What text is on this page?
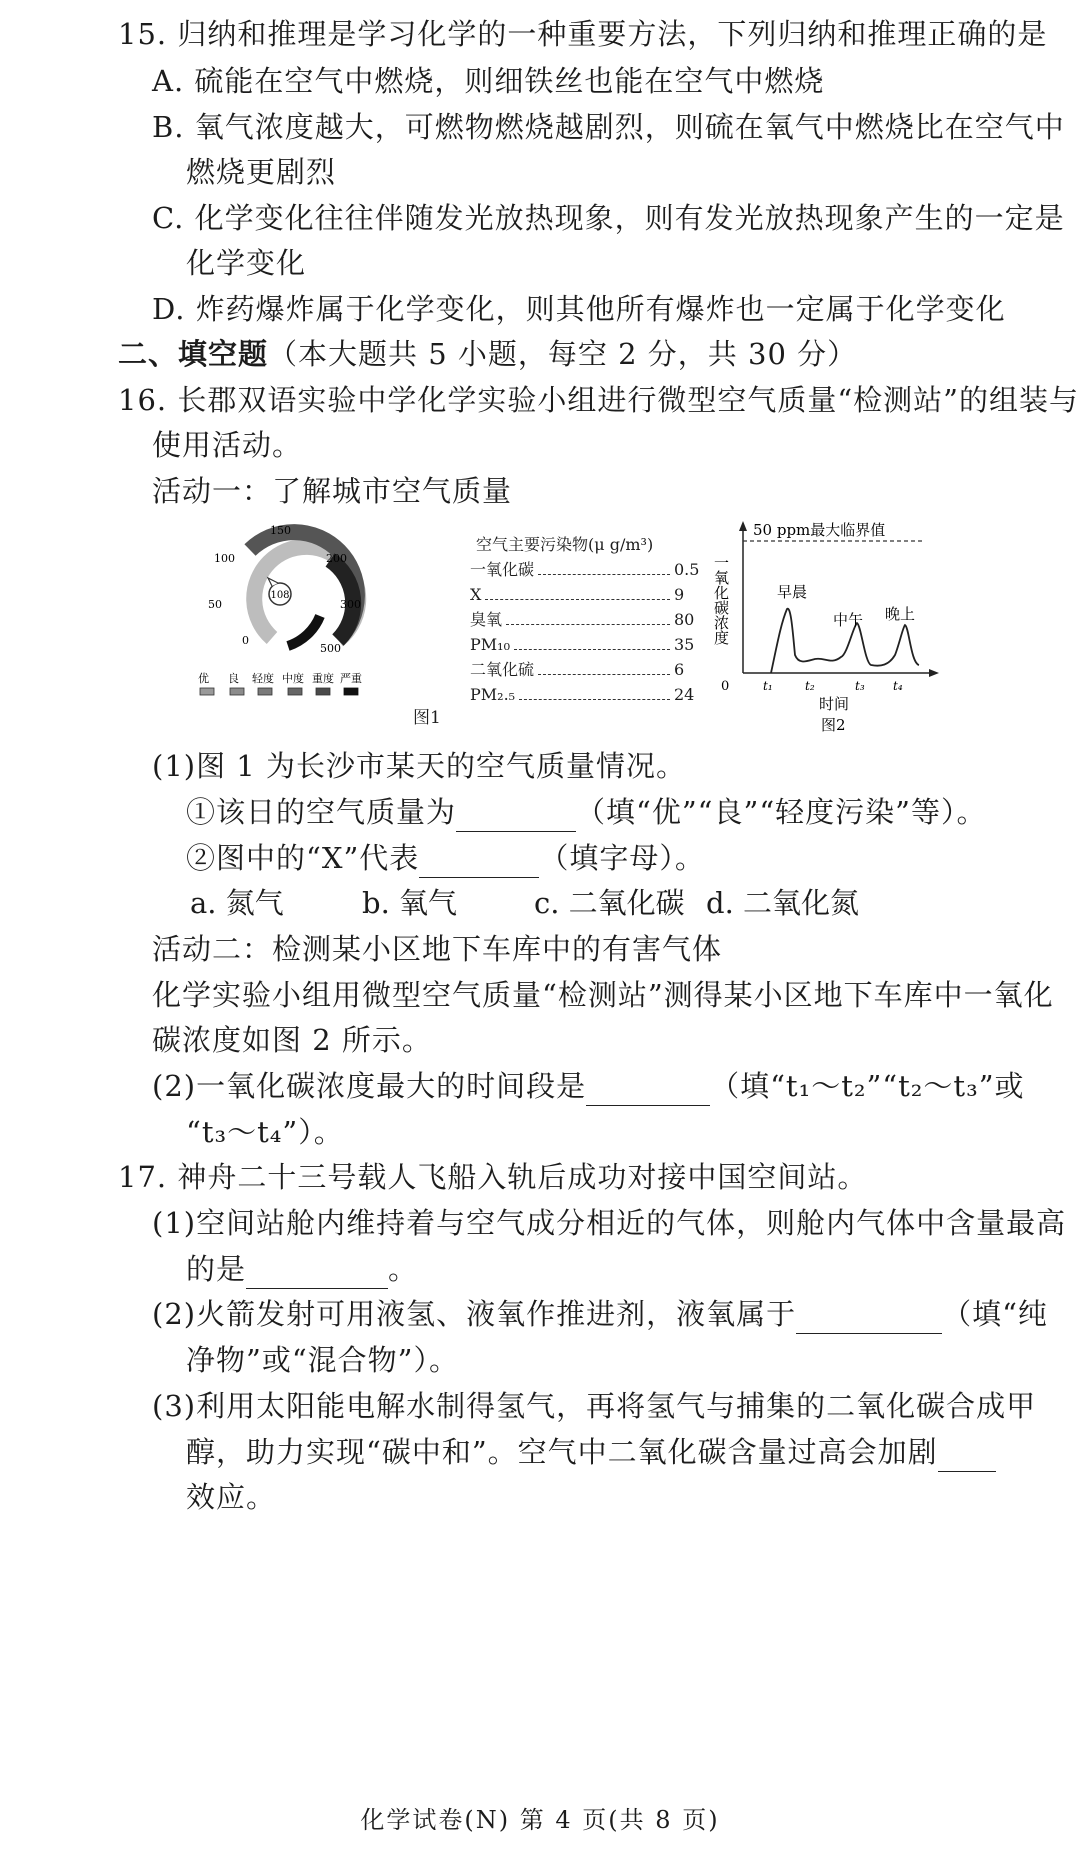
15. 归纳和推理是学习化学的一种重要方法，下列归纳和推理正确的是
A. 硫能在空气中燃烧，则细铁丝也能在空气中燃烧
B. 氧气浓度越大，可燃物燃烧越剧烈，则硫在氧气中燃烧比在空气中
燃烧更剧烈
C. 化学变化往往伴随发光放热现象，则有发光放热现象产生的一定是
化学变化
D. 炸药爆炸属于化学变化，则其他所有爆炸也一定属于化学变化
二、填空题（本大题共 5 小题，每空 2 分，共 30 分）
16. 长郡双语实验中学化学实验小组进行微型空气质量“检测站”的组装与
使用活动。
活动一：了解城市空气质量
108
0
50
100
150
200
300
500
优 良 轻度 中度 重度 严重
空气主要污染物(μ g/m³)
一氧化碳	0.5
X	9
臭氧	80
PM₁₀	35
二氧化硫	6
PM₂.₅	24
图1
50 ppm最大临界值
一氧化碳浓度	早晨
中午 晚上
0	t₁	t₂	t₃ t₄
时间
图2
(1)图 1 为长沙市某天的空气质量情况。
①该日的空气质量为	（填“优”“良”“轻度污染”等）。
②图中的“X”代表	（填字母）。
a. 氮气	b. 氧气	c. 二氧化碳 d. 二氧化氮
活动二：检测某小区地下车库中的有害气体
化学实验小组用微型空气质量“检测站”测得某小区地下车库中一氧化
碳浓度如图 2 所示。
(2)一氧化碳浓度最大的时间段是	（填“t₁～t₂”“t₂～t₃”或
“t₃～t₄”）。
17. 神舟二十三号载人飞船入轨后成功对接中国空间站。
(1)空间站舱内维持着与空气成分相近的气体，则舱内气体中含量最高
的是	。
(2)火箭发射可用液氢、液氧作推进剂，液氧属于	（填“纯
净物”或“混合物”）。
(3)利用太阳能电解水制得氢气，再将氢气与捕集的二氧化碳合成甲
醇，助力实现“碳中和”。空气中二氧化碳含量过高会加剧
效应。
化学试卷(N) 第 4 页(共 8 页)
